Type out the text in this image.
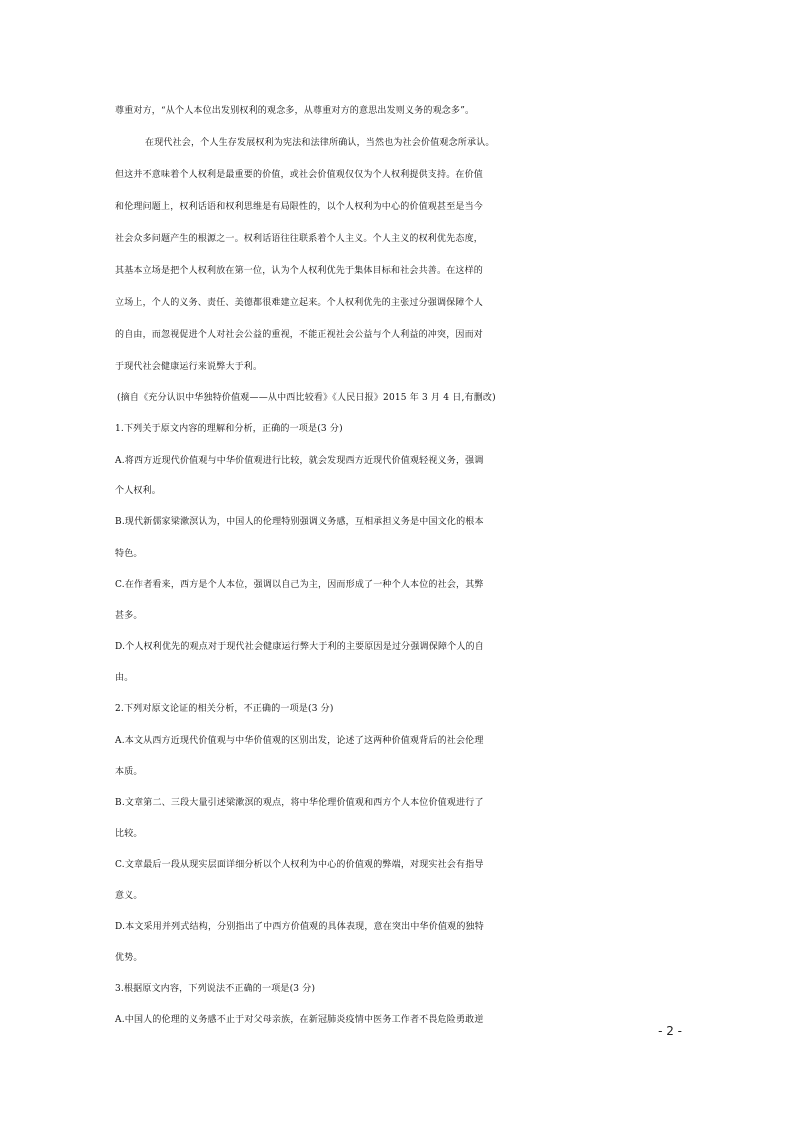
尊重对方，“从个人本位出发别权利的观念多，从尊重对方的意思出发则义务的观念多”。
在现代社会，个人生存发展权利为宪法和法律所确认，当然也为社会价值观念所承认。
但这并不意味着个人权利是最重要的价值，或社会价值观仅仅为个人权利提供支持。在价值
和伦理问题上，权利话语和权利思维是有局限性的，以个人权利为中心的价值观甚至是当今
社会众多问题产生的根源之一。权利话语往往联系着个人主义。个人主义的权利优先态度，
其基本立场是把个人权利放在第一位，认为个人权利优先于集体目标和社会共善。在这样的
立场上，个人的义务、责任、美德都很难建立起来。个人权利优先的主张过分强调保障个人
的自由，而忽视促进个人对社会公益的重视，不能正视社会公益与个人利益的冲突，因而对
于现代社会健康运行来说弊大于利。
(摘自《充分认识中华独特价值观——从中西比较看》《人民日报》2015 年 3 月 4 日,有删改)
1.下列关于原文内容的理解和分析，正确的一项是(3 分)
A.将西方近现代价值观与中华价值观进行比较，就会发现西方近现代价值观轻视义务，强调
个人权利。
B.现代新儒家梁漱溟认为，中国人的伦理特别强调义务感，互相承担义务是中国文化的根本
特色。
C.在作者看来，西方是个人本位，强调以自己为主，因而形成了一种个人本位的社会，其弊
甚多。
D.个人权利优先的观点对于现代社会健康运行弊大于利的主要原因是过分强调保障个人的自
由。
2.下列对原文论证的相关分析，不正确的一项是(3 分)
A.本文从西方近现代价值观与中华价值观的区别出发，论述了这两种价值观背后的社会伦理
本质。
B.文章第二、三段大量引述梁漱溟的观点，将中华伦理价值观和西方个人本位价值观进行了
比较。
C.文章最后一段从现实层面详细分析以个人权利为中心的价值观的弊端，对现实社会有指导
意义。
D.本文采用并列式结构，分别指出了中西方价值观的具体表现，意在突出中华价值观的独特
优势。
3.根据原文内容，下列说法不正确的一项是(3 分)
A.中国人的伦理的义务感不止于对父母亲族，在新冠肺炎疫情中医务工作者不畏危险勇敢逆
- 2 -
